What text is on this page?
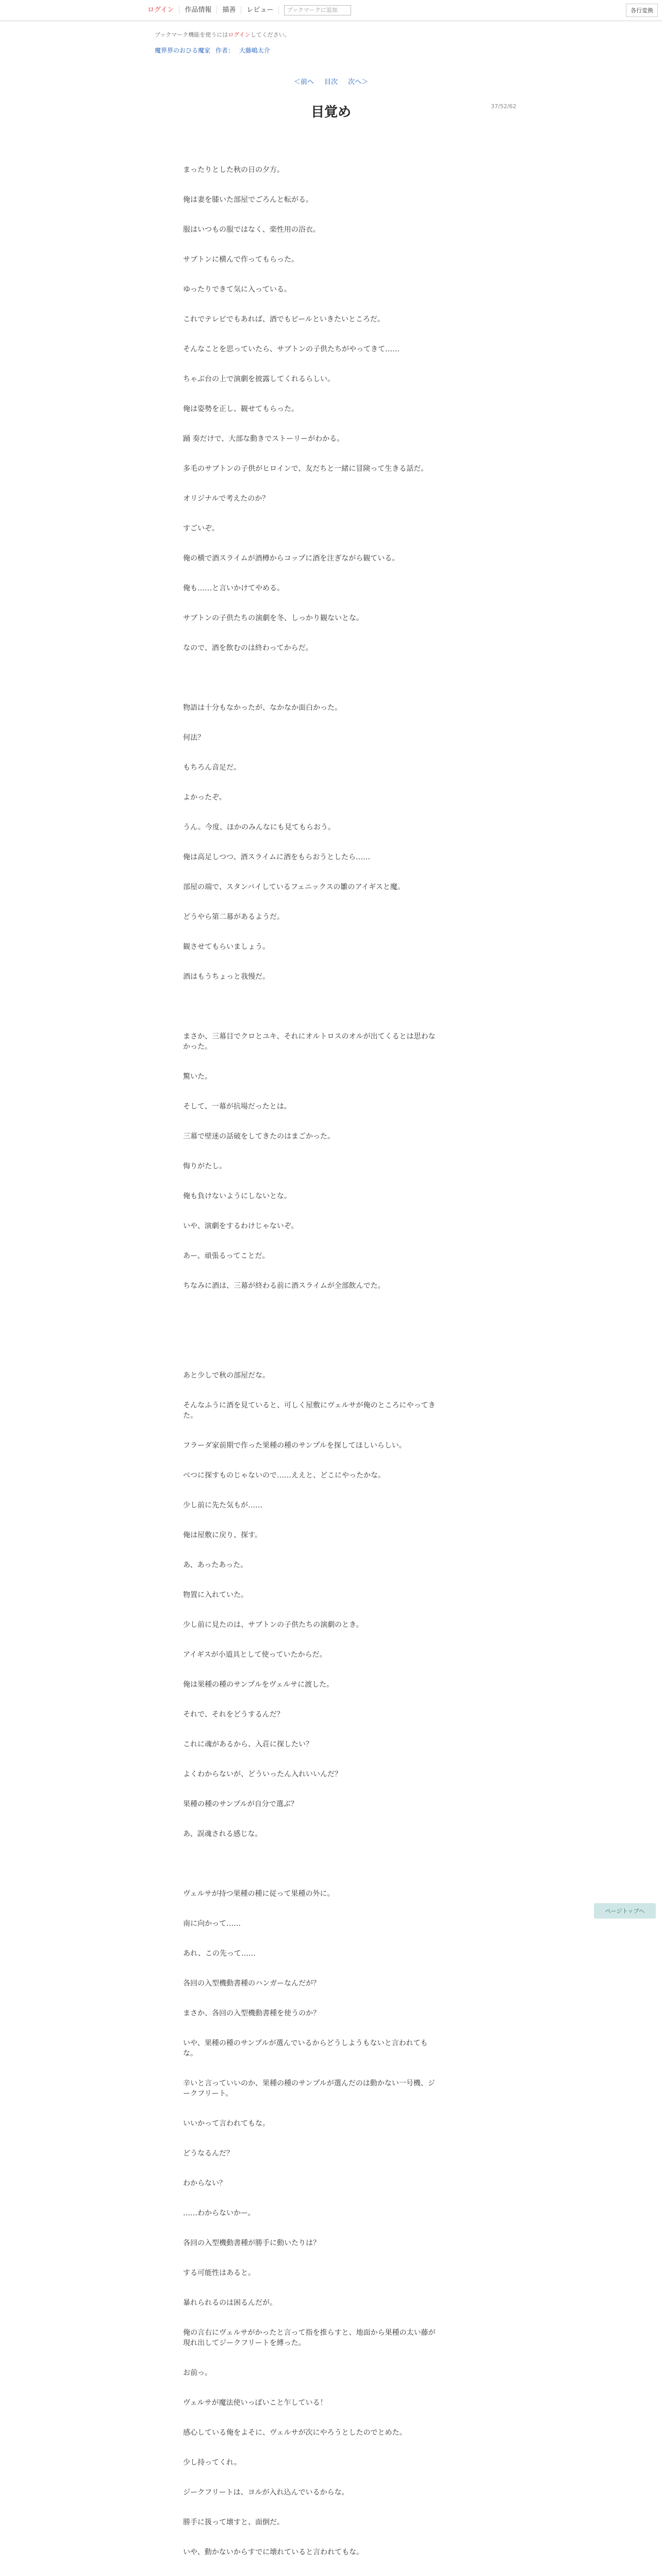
ログイン	作品情報	描善	レビュー	ブックマークに追加	各行変換
ブックマーク機能を使うにはログインしてください。
魔界界のおひる魔家 作者： 大藤嶋太介
＜前へ 目次 次へ＞
37/52/62
目覚め

まったりとした秋の日の夕方。

俺は妻を膝いた部屋でごろんと転がる。

服はいつもの服ではなく、楽性用の浴衣。

サブトンに横んで作ってもらった。

ゆったりできて気に入っている。

これでテレビでもあれば、酒でもビールといきたいところだ。

そんなことを思っていたら、サブトンの子供たちがやってきて……

ちゃぶ台の上で演劇を披露してくれるらしい。

俺は姿勢を正し、観せてもらった。

踊 奏だけで、大部な動きでストーリーがわかる。

多毛のサブトンの子供がヒロインで、友だちと一緒に冒険って生きる話だ。

オリジナルで考えたのか？

すごいぞ。

俺の横で酒スライムが酒樽からコップに酒を注ぎながら観ている。

俺も……と言いかけてやめる。

サブトンの子供たちの演劇を冬、しっかり観ないとな。

なので、酒を飲むのは終わってからだ。

物語は十分もなかったが、なかなか面白かった。

何法？

もちろん音足だ。

よかったぞ。

うん。今度、ほかのみんなにも見てもらおう。

俺は高足しつつ、酒スライムに酒をもらおうとしたら……

部屋の端で、スタンバイしているフェニックスの雛のアイギスと魔。

どうやら第二幕があるようだ。

観させてもらいましょう。

酒はもうちょっと我慢だ。

まさか、三幕目でクロとユキ、それにオルトロスのオルが出てくるとは思わなかった。

驚いた。

そして、一幕が抗場だったとは。

三幕で壁迷の話破をしてきたのはまごかった。

悔りがたし。

俺も負けないようにしないとな。

いや、演劇をするわけじゃないぞ。

あー、頑張るってことだ。

ちなみに酒は、三幕が終わる前に酒スライムが全部飲んでた。

あと少しで秋の部屋だな。

そんなふうに酒を見ていると、可しく屋敷にヴェルサが俺のところにやってきた。

フラーダ家前期で作った果種の種のサンプルを探してほしいらしい。

べつに探すものじゃないので……ええと、どこにやったかな。

少し前に先た気もが……

俺は屋敷に戻り、探す。

あ、あったあった。

物置に入れていた。

少し前に見たのは、サブトンの子供たちの演劇のとき。

アイギスが小道具として使っていたからだ。

俺は果種の種のサンプルをヴェルサに渡した。

それで、それをどうするんだ？

これに魂があるから、入荘に探したい？

よくわからないが、どういったん入れいいんだ？

果種の種のサンプルが自分で選ぶ？

あ、誤魂される感じな。

ヴェルサが持つ果種の種に従って果種の外に。

南に向かって……

あれ、この先って……

各回の入型機動書種のハンガーなんだが？

まさか、各回の入型機動書種を使うのか？

いや、果種の種のサンプルが選んでいるからどうしようもないと言われてもな。

辛いと言っていいのか、果種の種のサンプルが選んだのは動かない一号機、ジークフリート。

いいかって言われてもな。

どうなるんだ？

わからない？

……わからないかー。

各回の入型機動書種が勝手に動いたりは？

する可能性はあると。

暴れられるのは困るんだが。

俺の言右にヴェルサがかったと言って指を推らすと、地面から果種の太い藤が現れ出してジークフリートを縛った。

お前っ。

ヴェルサが魔法使いっぽいこと乍している！

感心している俺をよそに、ヴェルサが次にやろうとしたのでとめた。

少し持ってくれ。

ジークフリートは、ヨルが入れ込んでいるからな。

勝手に扱って壊すと、面倒だ。

いや、動かないからすでに壊れていると言われてもな。

ページトップへ
